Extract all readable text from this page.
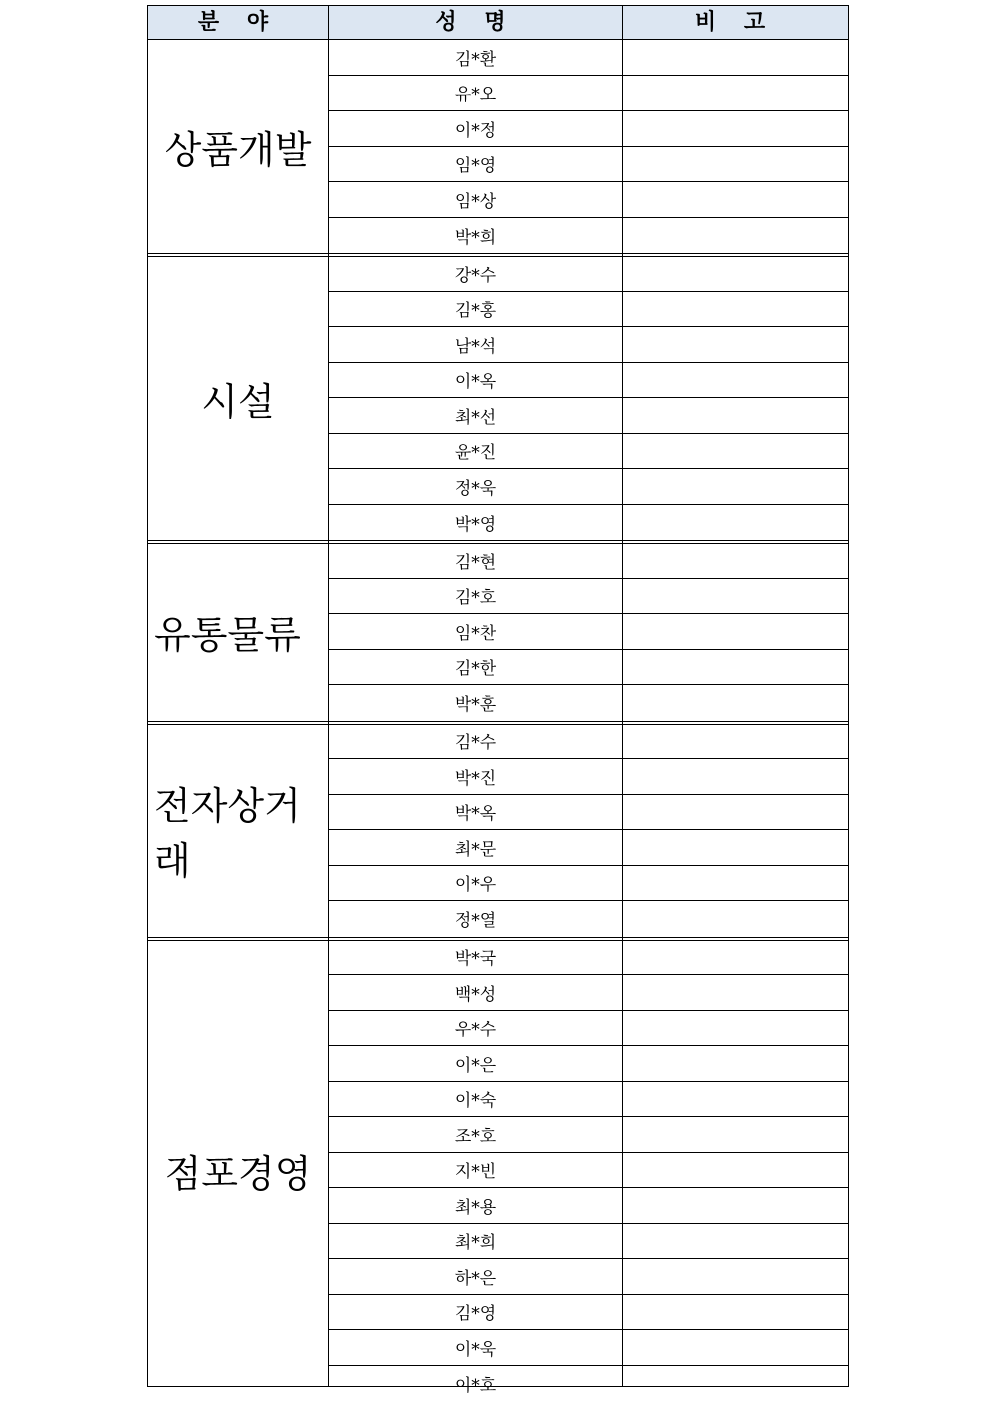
분 야	성 명	비 고
상품개발
김*환
유*오
이*정
임*영
임*상
박*희
시설
강*수
김*홍
남*석
이*옥
최*선
윤*진
정*욱
박*영
유통물류
김*현
김*호
임*찬
김*한
박*훈
전자상거래
김*수
박*진
박*옥
최*문
이*우
정*열
점포경영
박*국
백*성
우*수
이*은
이*숙
조*호
지*빈
최*용
최*희
하*은
김*영
이*욱
이*호
